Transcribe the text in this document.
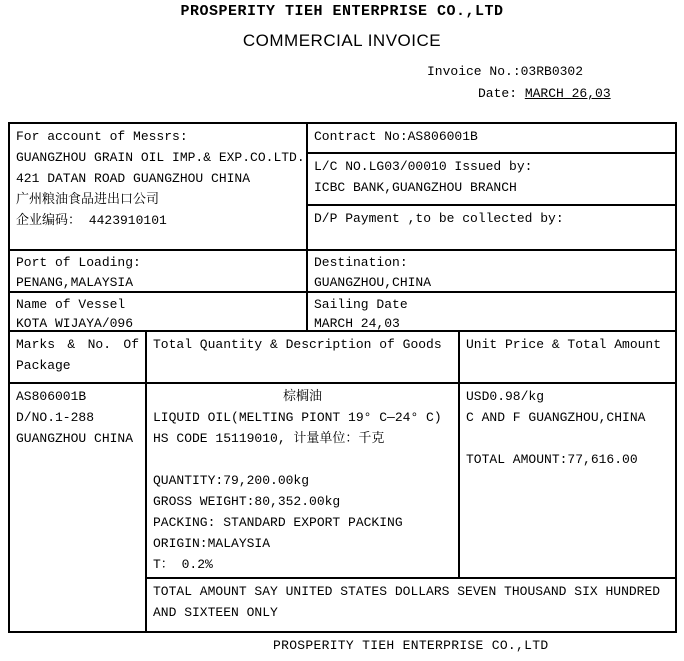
PROSPERITY TIEH ENTERPRISE CO.,LTD
COMMERCIAL INVOICE
Invoice No.:03RB0302
Date: MARCH 26,03
For account of Messrs:
GUANGZHOU GRAIN OIL IMP.& EXP.CO.LTD.
421 DATAN ROAD GUANGZHOU CHINA
广州粮油食品进出口公司
企业编码： 4423910101
Contract No:AS806001B
L/C NO.LG03/00010 Issued by:
ICBC BANK,GUANGZHOU BRANCH
D/P Payment ,to be collected by:
Port of Loading:
PENANG,MALAYSIA
Destination:
GUANGZHOU,CHINA
Name of Vessel
KOTA WIJAYA/096
Sailing Date
MARCH 24,03
Marks & No. Of
Package
Total Quantity & Description of Goods	Unit Price & Total Amount
AS806001B
D/NO.1-288
GUANGZHOU CHINA
棕榈油
LIQUID OIL(MELTING PIONT 19° C—24° C)
HS CODE 15119010, 计量单位：千克
QUANTITY:79,200.00kg
GROSS WEIGHT:80,352.00kg
PACKING: STANDARD EXPORT PACKING
ORIGIN:MALAYSIA
T： 0.2%
USD0.98/kg
C AND F GUANGZHOU,CHINA
TOTAL AMOUNT:77,616.00
TOTAL AMOUNT SAY UNITED STATES DOLLARS SEVEN THOUSAND SIX HUNDRED AND SIXTEEN ONLY
PROSPERITY TIEH ENTERPRISE CO.,LTD
